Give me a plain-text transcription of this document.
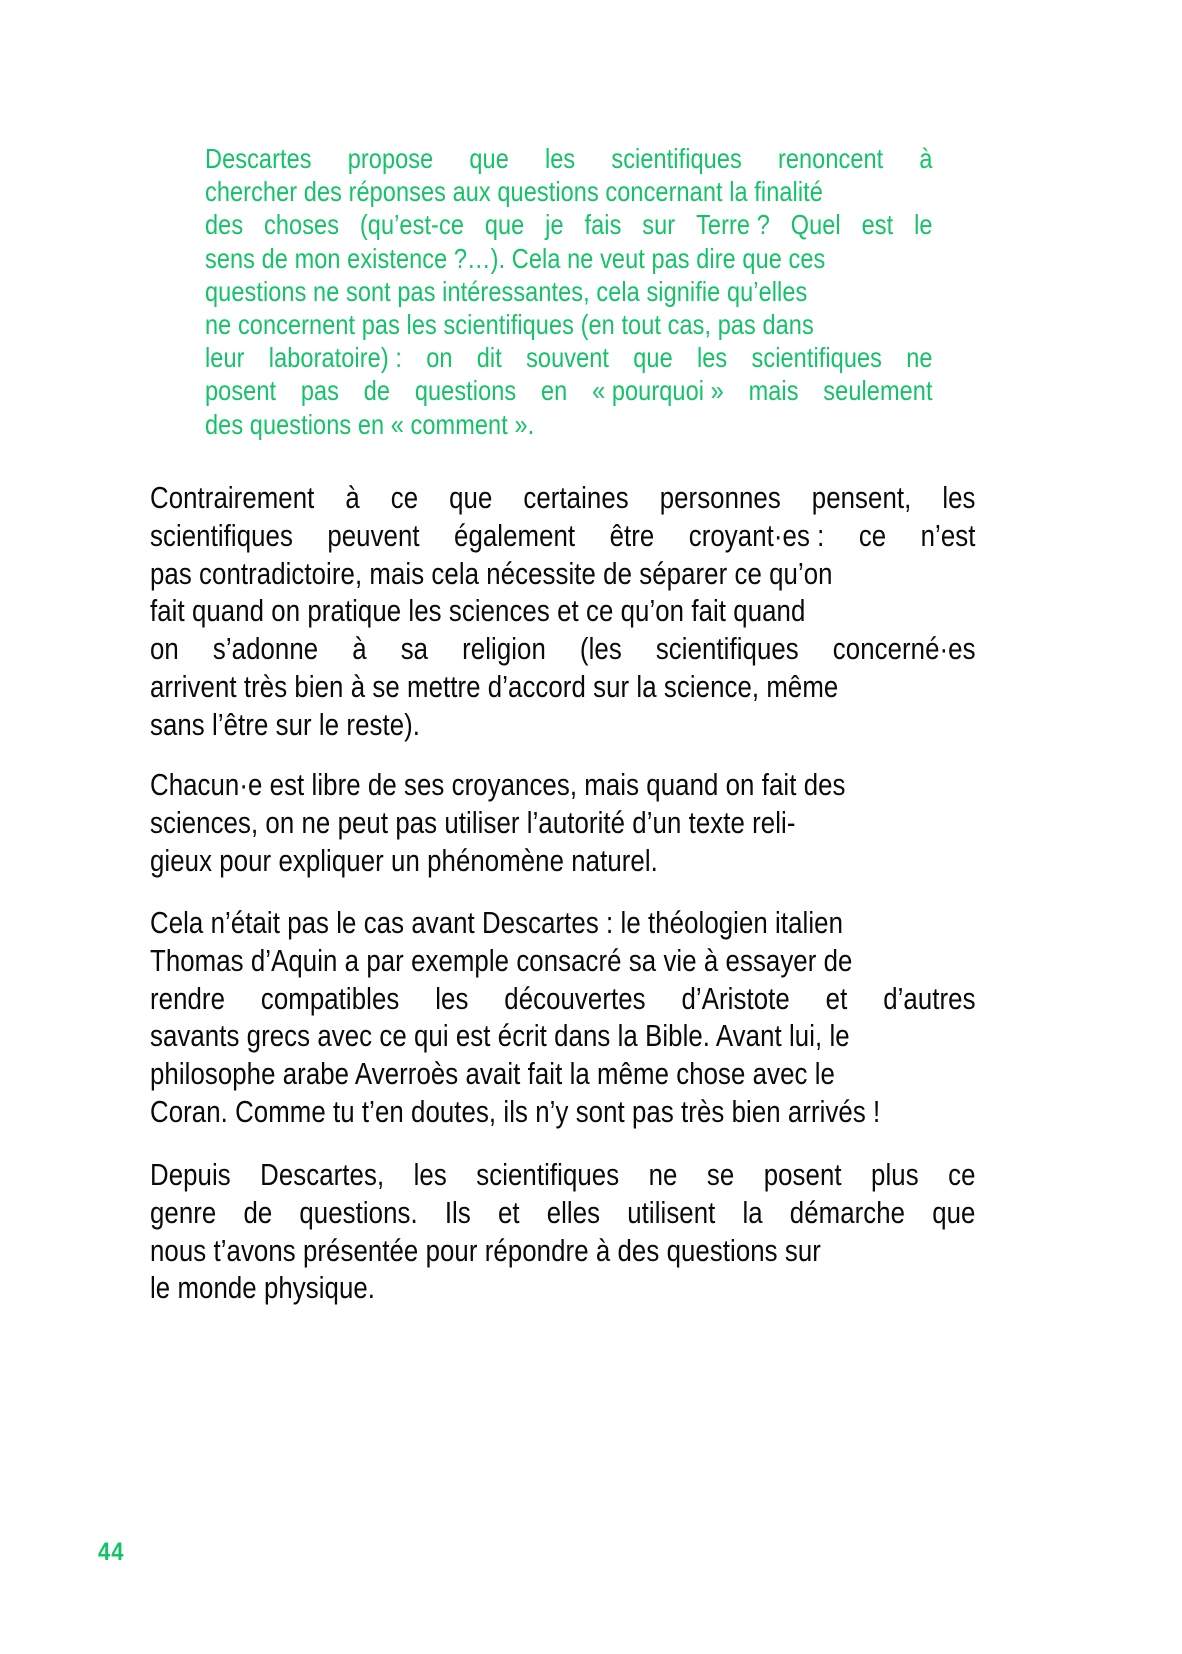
Descartes propose que les scientifiques renoncent à
chercher des réponses aux questions concernant la finalité
des choses (qu’est-ce que je fais sur Terre ? Quel est le
sens de mon existence ?…). Cela ne veut pas dire que ces
questions ne sont pas intéressantes, cela signifie qu’elles
ne concernent pas les scientifiques (en tout cas, pas dans
leur laboratoire) : on dit souvent que les scientifiques ne
posent pas de questions en « pourquoi » mais seulement
des questions en « comment ».
Contrairement à ce que certaines personnes pensent, les
scientifiques peuvent également être croyant·es : ce n’est
pas contradictoire, mais cela nécessite de séparer ce qu’on
fait quand on pratique les sciences et ce qu’on fait quand
on s’adonne à sa religion (les scientifiques concerné·es
arrivent très bien à se mettre d’accord sur la science, même
sans l’être sur le reste).
Chacun·e est libre de ses croyances, mais quand on fait des
sciences, on ne peut pas utiliser l’autorité d’un texte reli-
gieux pour expliquer un phénomène naturel.
Cela n’était pas le cas avant Descartes : le théologien italien
Thomas d’Aquin a par exemple consacré sa vie à essayer de
rendre compatibles les découvertes d’Aristote et d’autres
savants grecs avec ce qui est écrit dans la Bible. Avant lui, le
philosophe arabe Averroès avait fait la même chose avec le
Coran. Comme tu t’en doutes, ils n’y sont pas très bien arrivés !
Depuis Descartes, les scientifiques ne se posent plus ce
genre de questions. Ils et elles utilisent la démarche que
nous t’avons présentée pour répondre à des questions sur
le monde physique.
44
